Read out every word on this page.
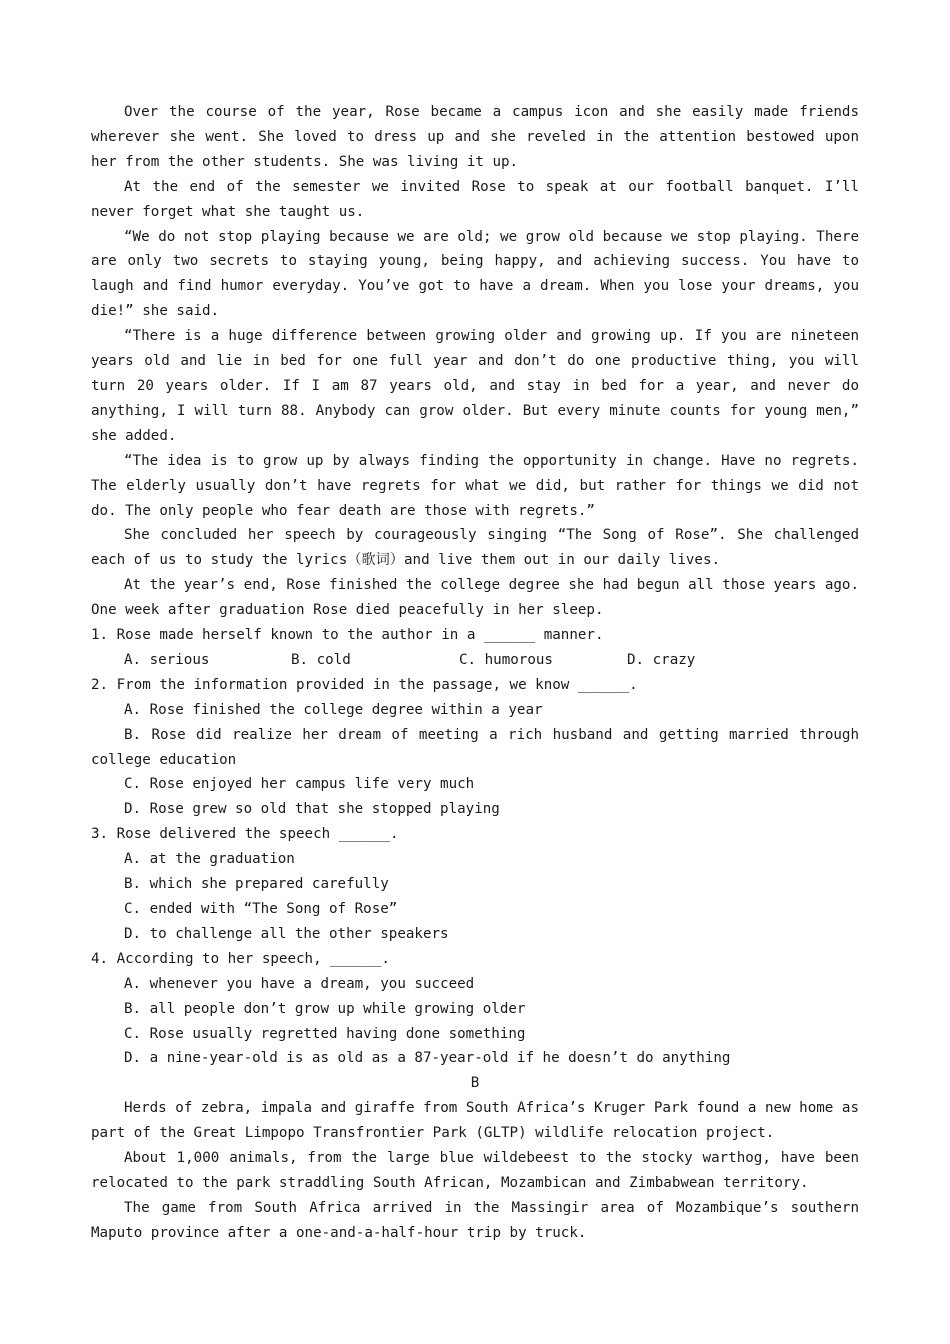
Over the course of the year, Rose became a campus icon and she easily made friends wherever she went. She loved to dress up and she reveled in the attention bestowed upon her from the other students. She was living it up.

At the end of the semester we invited Rose to speak at our football banquet. I’ll never forget what she taught us.

“We do not stop playing because we are old; we grow old because we stop playing. There are only two secrets to staying young, being happy, and achieving success. You have to laugh and find humor everyday. You’ve got to have a dream. When you lose your dreams, you die!” she said.

“There is a huge difference between growing older and growing up. If you are nineteen years old and lie in bed for one full year and don’t do one productive thing, you will turn 20 years older. If I am 87 years old, and stay in bed for a year, and never do anything, I will turn 88. Anybody can grow older. But every minute counts for young men,” she added.

“The idea is to grow up by always finding the opportunity in change. Have no regrets. The elderly usually don’t have regrets for what we did, but rather for things we did not do. The only people who fear death are those with regrets.”

She concluded her speech by courageously singing “The Song of Rose”. She challenged each of us to study the lyrics（歌词）and live them out in our daily lives.

At the year’s end, Rose finished the college degree she had begun all those years ago. One week after graduation Rose died peacefully in her sleep.

1. Rose made herself known to the author in a ______ manner.

A. serious	B. cold	C. humorous	D. crazy

2. From the information provided in the passage, we know ______.

A. Rose finished the college degree within a year

B. Rose did realize her dream of meeting a rich husband and getting married through college education

C. Rose enjoyed her campus life very much

D. Rose grew so old that she stopped playing

3. Rose delivered the speech ______.

A. at the graduation

B. which she prepared carefully

C. ended with “The Song of Rose”

D. to challenge all the other speakers

4. According to her speech, ______.

A. whenever you have a dream, you succeed

B. all people don’t grow up while growing older

C. Rose usually regretted having done something

D. a nine-year-old is as old as a 87-year-old if he doesn’t do anything

B

Herds of zebra, impala and giraffe from South Africa’s Kruger Park found a new home as part of the Great Limpopo Transfrontier Park (GLTP) wildlife relocation project.

About 1,000 animals, from the large blue wildebeest to the stocky warthog, have been relocated to the park straddling South African, Mozambican and Zimbabwean territory.

The game from South Africa arrived in the Massingir area of Mozambique’s southern Maputo province after a one-and-a-half-hour trip by truck.
